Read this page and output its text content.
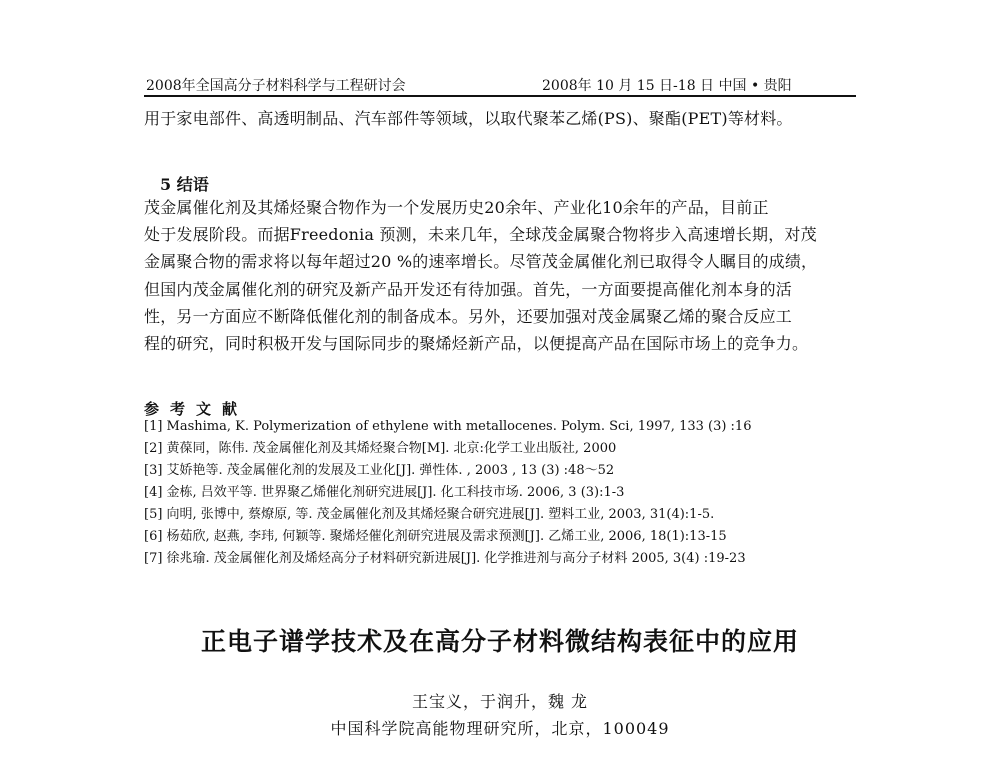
2008年全国高分子材料科学与工程研讨会	2008年 10 月 15 日-18 日 中国 • 贵阳
用于家电部件、高透明制品、汽车部件等领域，以取代聚苯乙烯(PS)、聚酯(PET)等材料。
5 结语
茂金属催化剂及其烯烃聚合物作为一个发展历史20余年、产业化10余年的产品，目前正
处于发展阶段。而据Freedonia 预测，未来几年，全球茂金属聚合物将步入高速增长期，对茂
金属聚合物的需求将以每年超过20 %的速率增长。尽管茂金属催化剂已取得令人瞩目的成绩，
但国内茂金属催化剂的研究及新产品开发还有待加强。首先，一方面要提高催化剂本身的活
性，另一方面应不断降低催化剂的制备成本。另外，还要加强对茂金属聚乙烯的聚合反应工
程的研究，同时积极开发与国际同步的聚烯烃新产品，以便提高产品在国际市场上的竞争力。
参考文献
[1] Mashima, K. Polymerization of ethylene with metallocenes. Polym. Sci, 1997, 133 (3) :16
[2] 黄葆同，陈伟. 茂金属催化剂及其烯烃聚合物[M]. 北京:化学工业出版社, 2000
[3] 艾娇艳等. 茂金属催化剂的发展及工业化[J]. 弹性体. , 2003 , 13 (3) :48～52
[4] 金栋, 吕效平等. 世界聚乙烯催化剂研究进展[J]. 化工科技市场. 2006, 3 (3):1-3
[5] 向明, 张博中, 蔡燎原, 等. 茂金属催化剂及其烯烃聚合研究进展[J]. 塑料工业, 2003, 31(4):1-5.
[6] 杨茹欣, 赵燕, 李玮, 何颖等. 聚烯烃催化剂研究进展及需求预测[J]. 乙烯工业, 2006, 18(1):13-15
[7] 徐兆瑜. 茂金属催化剂及烯烃高分子材料研究新进展[J]. 化学推进剂与高分子材料 2005, 3(4) :19-23
正电子谱学技术及在高分子材料微结构表征中的应用
王宝义，于润升，魏 龙
中国科学院高能物理研究所，北京，100049
